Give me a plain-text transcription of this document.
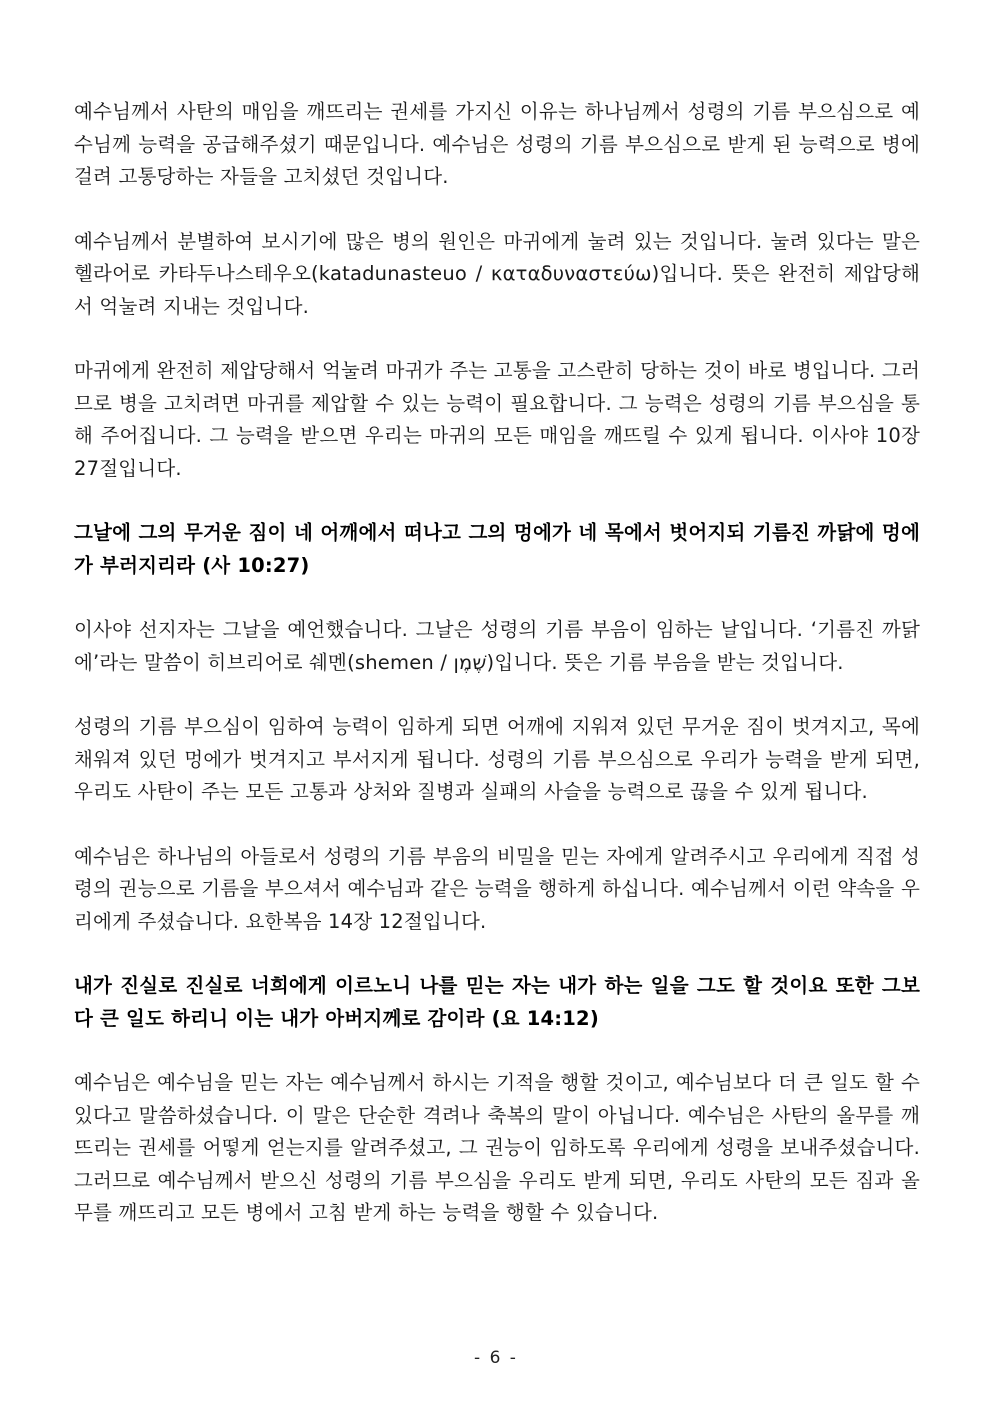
예수님께서 사탄의 매임을 깨뜨리는 권세를 가지신 이유는 하나님께서 성령의 기름 부으심으로 예수님께 능력을 공급해주셨기 때문입니다. 예수님은 성령의 기름 부으심으로 받게 된 능력으로 병에 걸려 고통당하는 자들을 고치셨던 것입니다.

예수님께서 분별하여 보시기에 많은 병의 원인은 마귀에게 눌려 있는 것입니다. 눌려 있다는 말은 헬라어로 카타두나스테우오(katadunasteuo / καταδυναστεύω)입니다. 뜻은 완전히 제압당해서 억눌려 지내는 것입니다.

마귀에게 완전히 제압당해서 억눌려 마귀가 주는 고통을 고스란히 당하는 것이 바로 병입니다. 그러므로 병을 고치려면 마귀를 제압할 수 있는 능력이 필요합니다. 그 능력은 성령의 기름 부으심을 통해 주어집니다. 그 능력을 받으면 우리는 마귀의 모든 매임을 깨뜨릴 수 있게 됩니다. 이사야 10장 27절입니다.

그날에 그의 무거운 짐이 네 어깨에서 떠나고 그의 멍에가 네 목에서 벗어지되 기름진 까닭에 멍에가 부러지리라 (사 10:27)

이사야 선지자는 그날을 예언했습니다. 그날은 성령의 기름 부음이 임하는 날입니다. ‘기름진 까닭에’라는 말씀이 히브리어로 쉐멘(shemen / שֶׁמֶן)입니다. 뜻은 기름 부음을 받는 것입니다.

성령의 기름 부으심이 임하여 능력이 임하게 되면 어깨에 지워져 있던 무거운 짐이 벗겨지고, 목에 채워져 있던 멍에가 벗겨지고 부서지게 됩니다. 성령의 기름 부으심으로 우리가 능력을 받게 되면, 우리도 사탄이 주는 모든 고통과 상처와 질병과 실패의 사슬을 능력으로 끊을 수 있게 됩니다.

예수님은 하나님의 아들로서 성령의 기름 부음의 비밀을 믿는 자에게 알려주시고 우리에게 직접 성령의 권능으로 기름을 부으셔서 예수님과 같은 능력을 행하게 하십니다. 예수님께서 이런 약속을 우리에게 주셨습니다. 요한복음 14장 12절입니다.

내가 진실로 진실로 너희에게 이르노니 나를 믿는 자는 내가 하는 일을 그도 할 것이요 또한 그보다 큰 일도 하리니 이는 내가 아버지께로 감이라 (요 14:12)

예수님은 예수님을 믿는 자는 예수님께서 하시는 기적을 행할 것이고, 예수님보다 더 큰 일도 할 수 있다고 말씀하셨습니다. 이 말은 단순한 격려나 축복의 말이 아닙니다. 예수님은 사탄의 올무를 깨뜨리는 권세를 어떻게 얻는지를 알려주셨고, 그 권능이 임하도록 우리에게 성령을 보내주셨습니다. 그러므로 예수님께서 받으신 성령의 기름 부으심을 우리도 받게 되면, 우리도 사탄의 모든 짐과 올무를 깨뜨리고 모든 병에서 고침 받게 하는 능력을 행할 수 있습니다.

- 6 -
